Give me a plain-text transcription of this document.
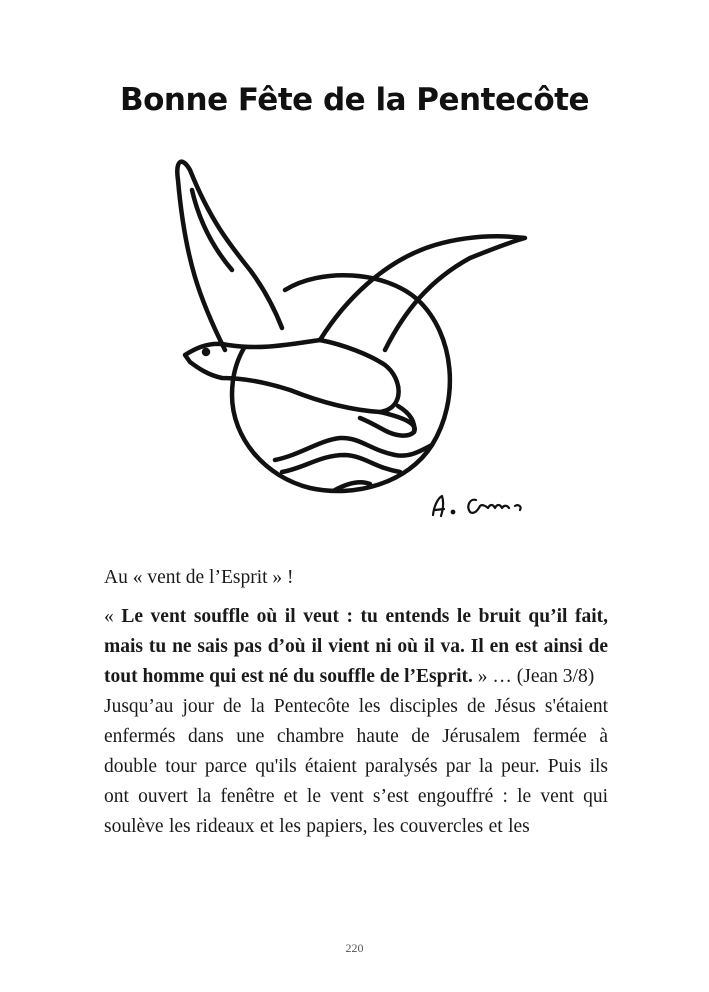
Bonne Fête de la Pentecôte

Au « vent de l’Esprit » !

« Le vent souffle où il veut : tu entends le bruit qu’il fait, mais tu ne sais pas d’où il vient ni où il va. Il en est ainsi de tout homme qui est né du souffle de l’Esprit. » … (Jean 3/8)

Jusqu’au jour de la Pentecôte les disciples de Jésus s'étaient enfermés dans une chambre haute de Jérusalem fermée à double tour parce qu'ils étaient paralysés par la peur. Puis ils ont ouvert la fenêtre et le vent s’est engouffré : le vent qui soulève les rideaux et les papiers, les couvercles et les

220
